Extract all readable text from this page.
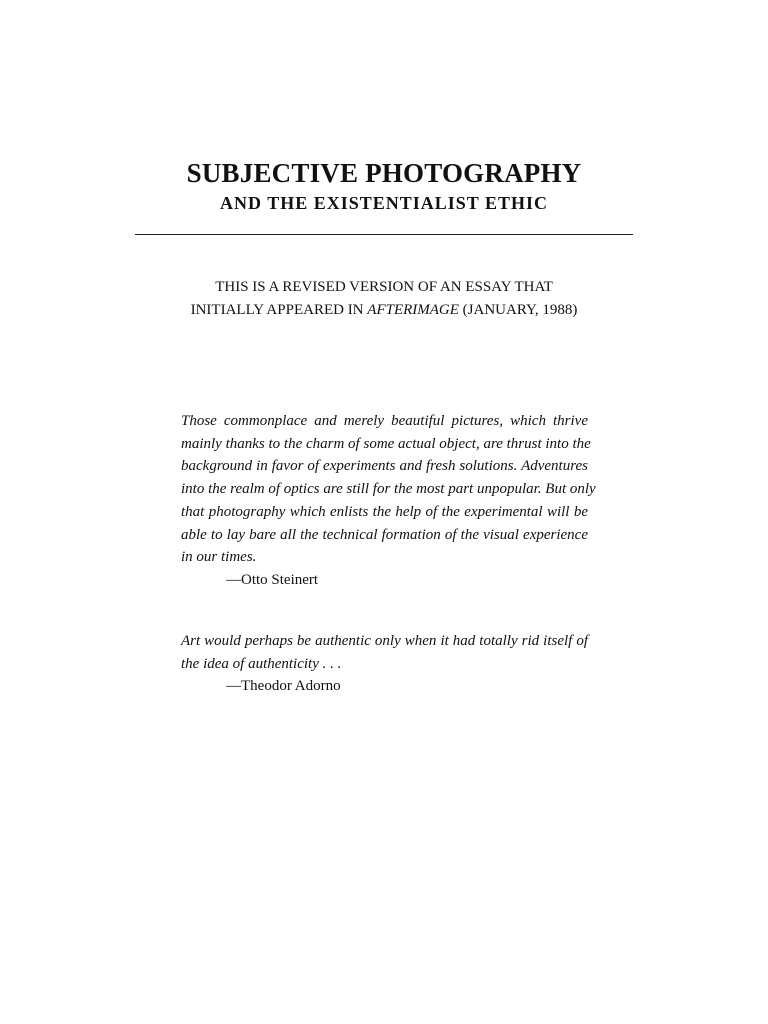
SUBJECTIVE PHOTOGRAPHY
AND THE EXISTENTIALIST ETHIC
THIS IS A REVISED VERSION OF AN ESSAY THAT
INITIALLY APPEARED IN AFTERIMAGE (JANUARY, 1988)
Those commonplace and merely beautiful pictures, which thrive
mainly thanks to the charm of some actual object, are thrust into the
background in favor of experiments and fresh solutions. Adventures
into the realm of optics are still for the most part unpopular. But only
that photography which enlists the help of the experimental will be
able to lay bare all the technical formation of the visual experience
in our times.
—Otto Steinert
Art would perhaps be authentic only when it had totally rid itself of
the idea of authenticity . . .
—Theodor Adorno
